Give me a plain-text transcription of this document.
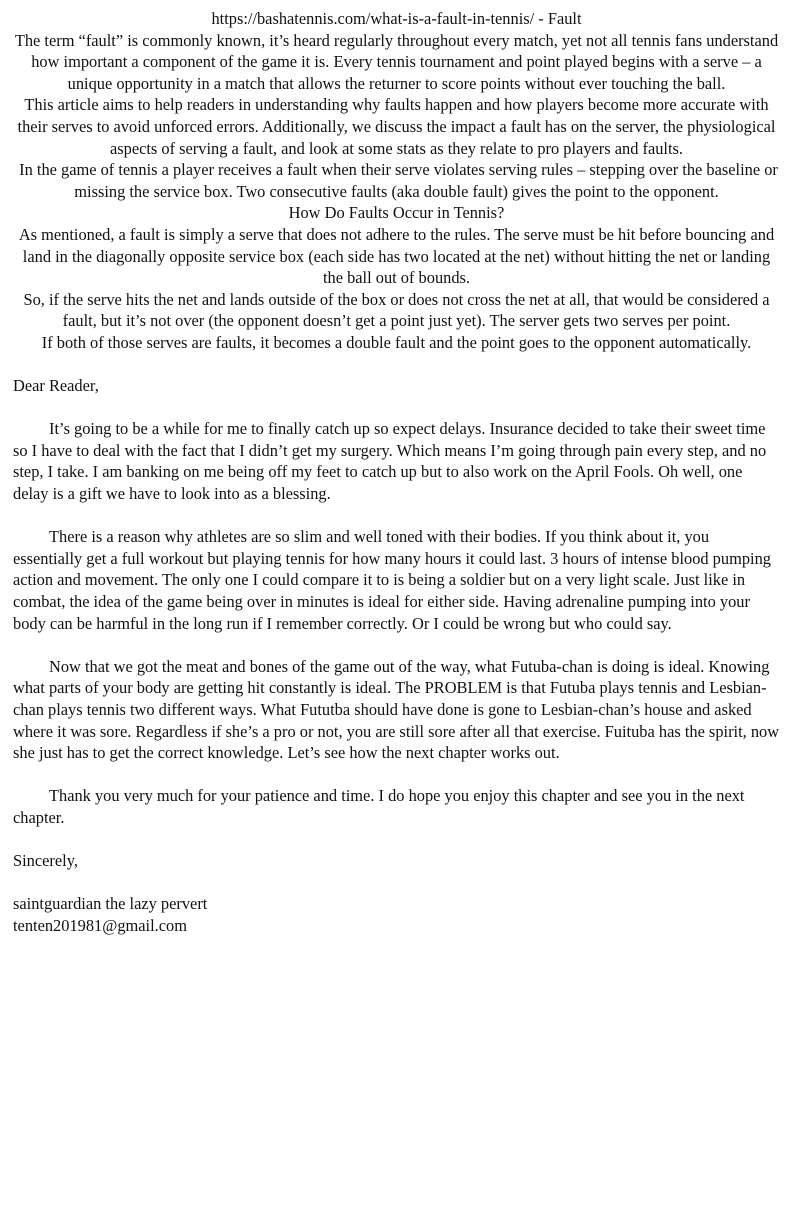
https://bashatennis.com/what-is-a-fault-in-tennis/ - Fault

The term “fault” is commonly known, it’s heard regularly throughout every match, yet not all tennis fans understand how important a component of the game it is. Every tennis tournament and point played begins with a serve – a unique opportunity in a match that allows the returner to score points without ever touching the ball.

This article aims to help readers in understanding why faults happen and how players become more accurate with their serves to avoid unforced errors. Additionally, we discuss the impact a fault has on the server, the physiological aspects of serving a fault, and look at some stats as they relate to pro players and faults.

In the game of tennis a player receives a fault when their serve violates serving rules – stepping over the baseline or missing the service box. Two consecutive faults (aka double fault) gives the point to the opponent.

How Do Faults Occur in Tennis?

As mentioned, a fault is simply a serve that does not adhere to the rules. The serve must be hit before bouncing and land in the diagonally opposite service box (each side has two located at the net) without hitting the net or landing the ball out of bounds.

So, if the serve hits the net and lands outside of the box or does not cross the net at all, that would be considered a fault, but it’s not over (the opponent doesn’t get a point just yet). The server gets two serves per point.

If both of those serves are faults, it becomes a double fault and the point goes to the opponent automatically.

Dear Reader,

It’s going to be a while for me to finally catch up so expect delays. Insurance decided to take their sweet time so I have to deal with the fact that I didn’t get my surgery. Which means I’m going through pain every step, and no step, I take. I am banking on me being off my feet to catch up but to also work on the April Fools. Oh well, one delay is a gift we have to look into as a blessing.

There is a reason why athletes are so slim and well toned with their bodies. If you think about it, you essentially get a full workout but playing tennis for how many hours it could last. 3 hours of intense blood pumping action and movement. The only one I could compare it to is being a soldier but on a very light scale. Just like in combat, the idea of the game being over in minutes is ideal for either side. Having adrenaline pumping into your body can be harmful in the long run if I remember correctly. Or I could be wrong but who could say.

Now that we got the meat and bones of the game out of the way, what Futuba-chan is doing is ideal. Knowing what parts of your body are getting hit constantly is ideal. The PROBLEM is that Futuba plays tennis and Lesbian-chan plays tennis two different ways. What Fututba should have done is gone to Lesbian-chan’s house and asked where it was sore. Regardless if she’s a pro or not, you are still sore after all that exercise. Fuituba has the spirit, now she just has to get the correct knowledge. Let’s see how the next chapter works out.

Thank you very much for your patience and time. I do hope you enjoy this chapter and see you in the next chapter.

Sincerely,

saintguardian the lazy pervert

tenten201981@gmail.com
